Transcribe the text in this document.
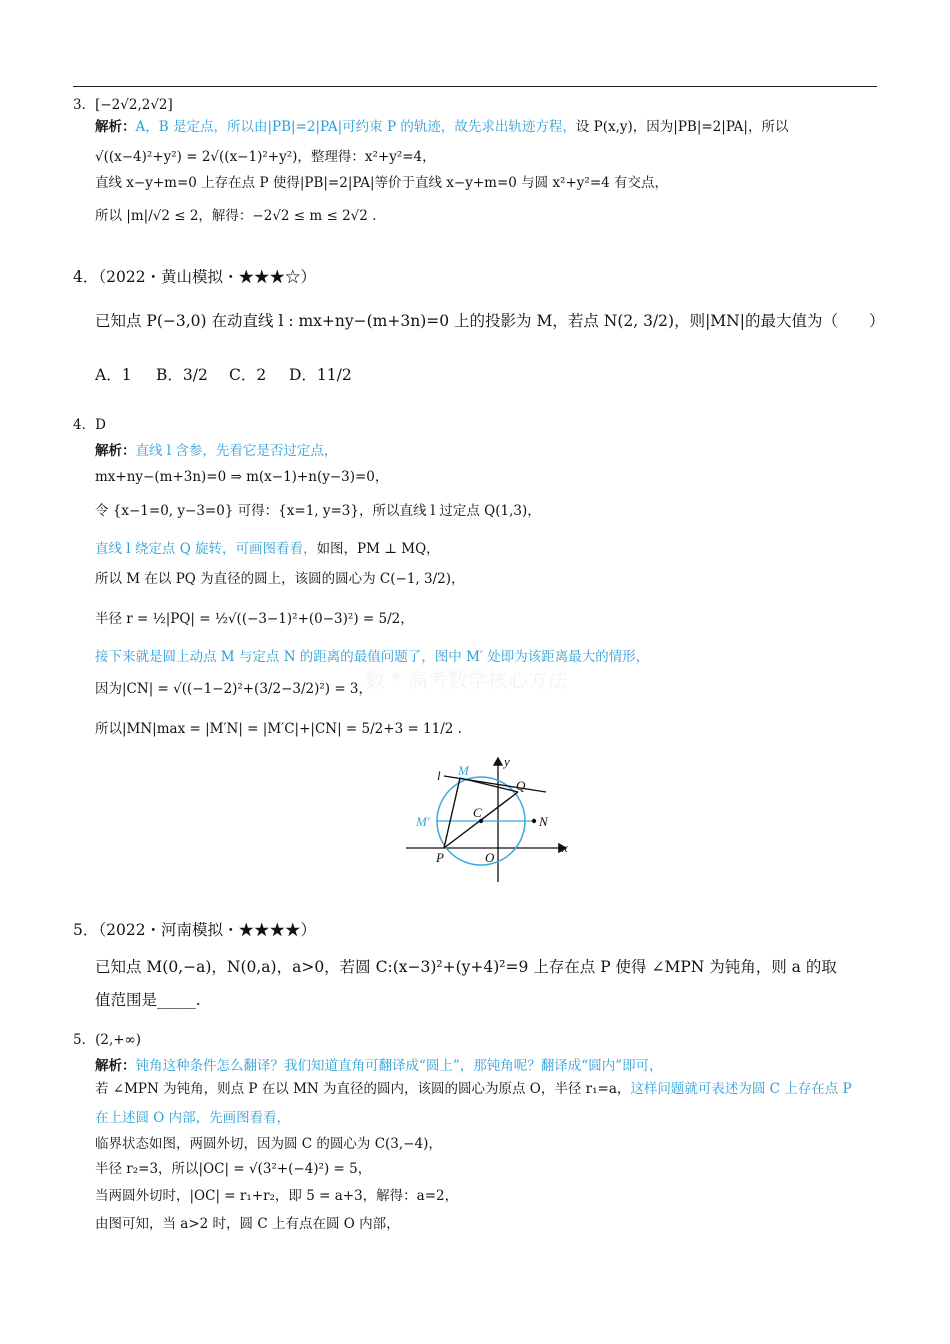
3．[−2√2,2√2]
解析：A，B 是定点，所以由|PB|=2|PA|可约束 P 的轨迹，故先求出轨迹方程，设 P(x,y)，因为|PB|=2|PA|，所以
√((x−4)²+y²) = 2√((x−1)²+y²)，整理得：x²+y²=4，
直线 x−y+m=0 上存在点 P 使得|PB|=2|PA|等价于直线 x−y+m=0 与圆 x²+y²=4 有交点，
所以 |m|/√2 ≤ 2，解得：−2√2 ≤ m ≤ 2√2 .
4．（2022・黄山模拟・★★★☆）
已知点 P(−3,0) 在动直线 l : mx+ny−(m+3n)=0 上的投影为 M，若点 N(2, 3/2)，则|MN|的最大值为（　　）
A．1 B．3/2 C．2 D．11/2
4．D
解析：直线 l 含参，先看它是否过定点，
mx+ny−(m+3n)=0 ⇒ m(x−1)+n(y−3)=0，
令 {x−1=0, y−3=0} 可得：{x=1, y=3}，所以直线 l 过定点 Q(1,3)，
直线 l 绕定点 Q 旋转，可画图看看，如图，PM ⊥ MQ，
所以 M 在以 PQ 为直径的圆上，该圆的圆心为 C(−1, 3/2)，
半径 r = ½|PQ| = ½√((−3−1)²+(0−3)²) = 5/2，
接下来就是圆上动点 M 与定点 N 的距离的最值问题了，图中 M′ 处即为该距离最大的情形，
数 * 高考数学核心方法
因为|CN| = √((−1−2)²+(3/2−3/2)²) = 3，
所以|MN|max = |M′N| = |M′C|+|CN| = 5/2+3 = 11/2 .
l M
y
Q
C
M′	N
P	O
x
5．（2022・河南模拟・★★★★）
已知点 M(0,−a)，N(0,a)，a>0，若圆 C:(x−3)²+(y+4)²=9 上存在点 P 使得 ∠MPN 为钝角，则 a 的取
值范围是_____.
5．(2,+∞)
解析：钝角这种条件怎么翻译？我们知道直角可翻译成“圆上”，那钝角呢？翻译成“圆内”即可，
若 ∠MPN 为钝角，则点 P 在以 MN 为直径的圆内，该圆的圆心为原点 O，半径 r₁=a，这样问题就可表述为圆 C 上存在点 P
在上述圆 O 内部，先画图看看，
临界状态如图，两圆外切，因为圆 C 的圆心为 C(3,−4)，
半径 r₂=3，所以|OC| = √(3²+(−4)²) = 5，
当两圆外切时，|OC| = r₁+r₂，即 5 = a+3，解得：a=2，
由图可知，当 a>2 时，圆 C 上有点在圆 O 内部，
